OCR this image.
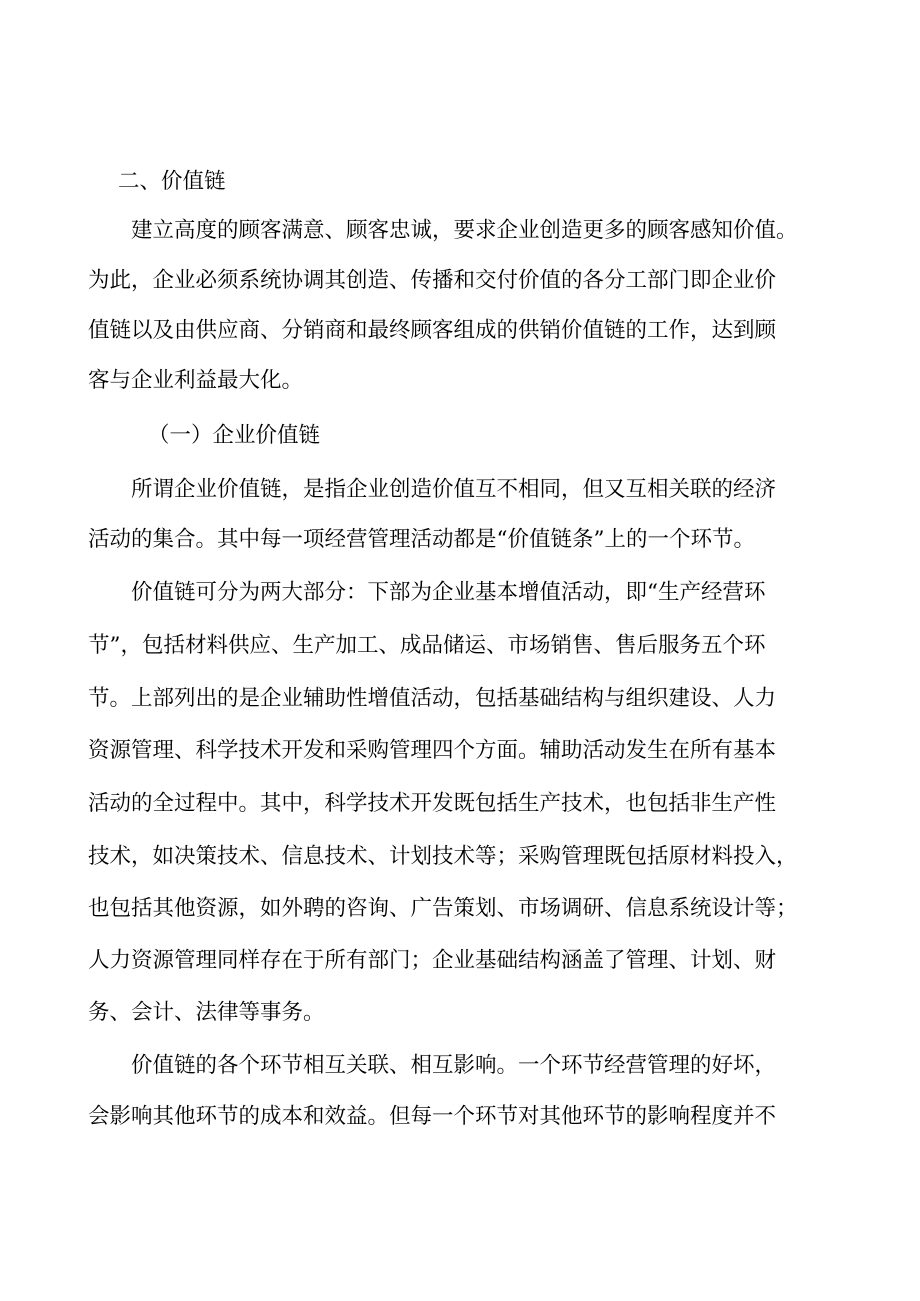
二、价值链
建立高度的顾客满意、顾客忠诚，要求企业创造更多的顾客感知价值。
为此，企业必须系统协调其创造、传播和交付价值的各分工部门即企业价
值链以及由供应商、分销商和最终顾客组成的供销价值链的工作，达到顾
客与企业利益最大化。
（一）企业价值链
所谓企业价值链，是指企业创造价值互不相同，但又互相关联的经济
活动的集合。其中每一项经营管理活动都是“价值链条”上的一个环节。
价值链可分为两大部分：下部为企业基本增值活动，即“生产经营环
节”，包括材料供应、生产加工、成品储运、市场销售、售后服务五个环
节。上部列出的是企业辅助性增值活动，包括基础结构与组织建设、人力
资源管理、科学技术开发和采购管理四个方面。辅助活动发生在所有基本
活动的全过程中。其中，科学技术开发既包括生产技术，也包括非生产性
技术，如决策技术、信息技术、计划技术等；采购管理既包括原材料投入，
也包括其他资源，如外聘的咨询、广告策划、市场调研、信息系统设计等；
人力资源管理同样存在于所有部门；企业基础结构涵盖了管理、计划、财
务、会计、法律等事务。
价值链的各个环节相互关联、相互影响。一个环节经营管理的好坏，
会影响其他环节的成本和效益。但每一个环节对其他环节的影响程度并不
